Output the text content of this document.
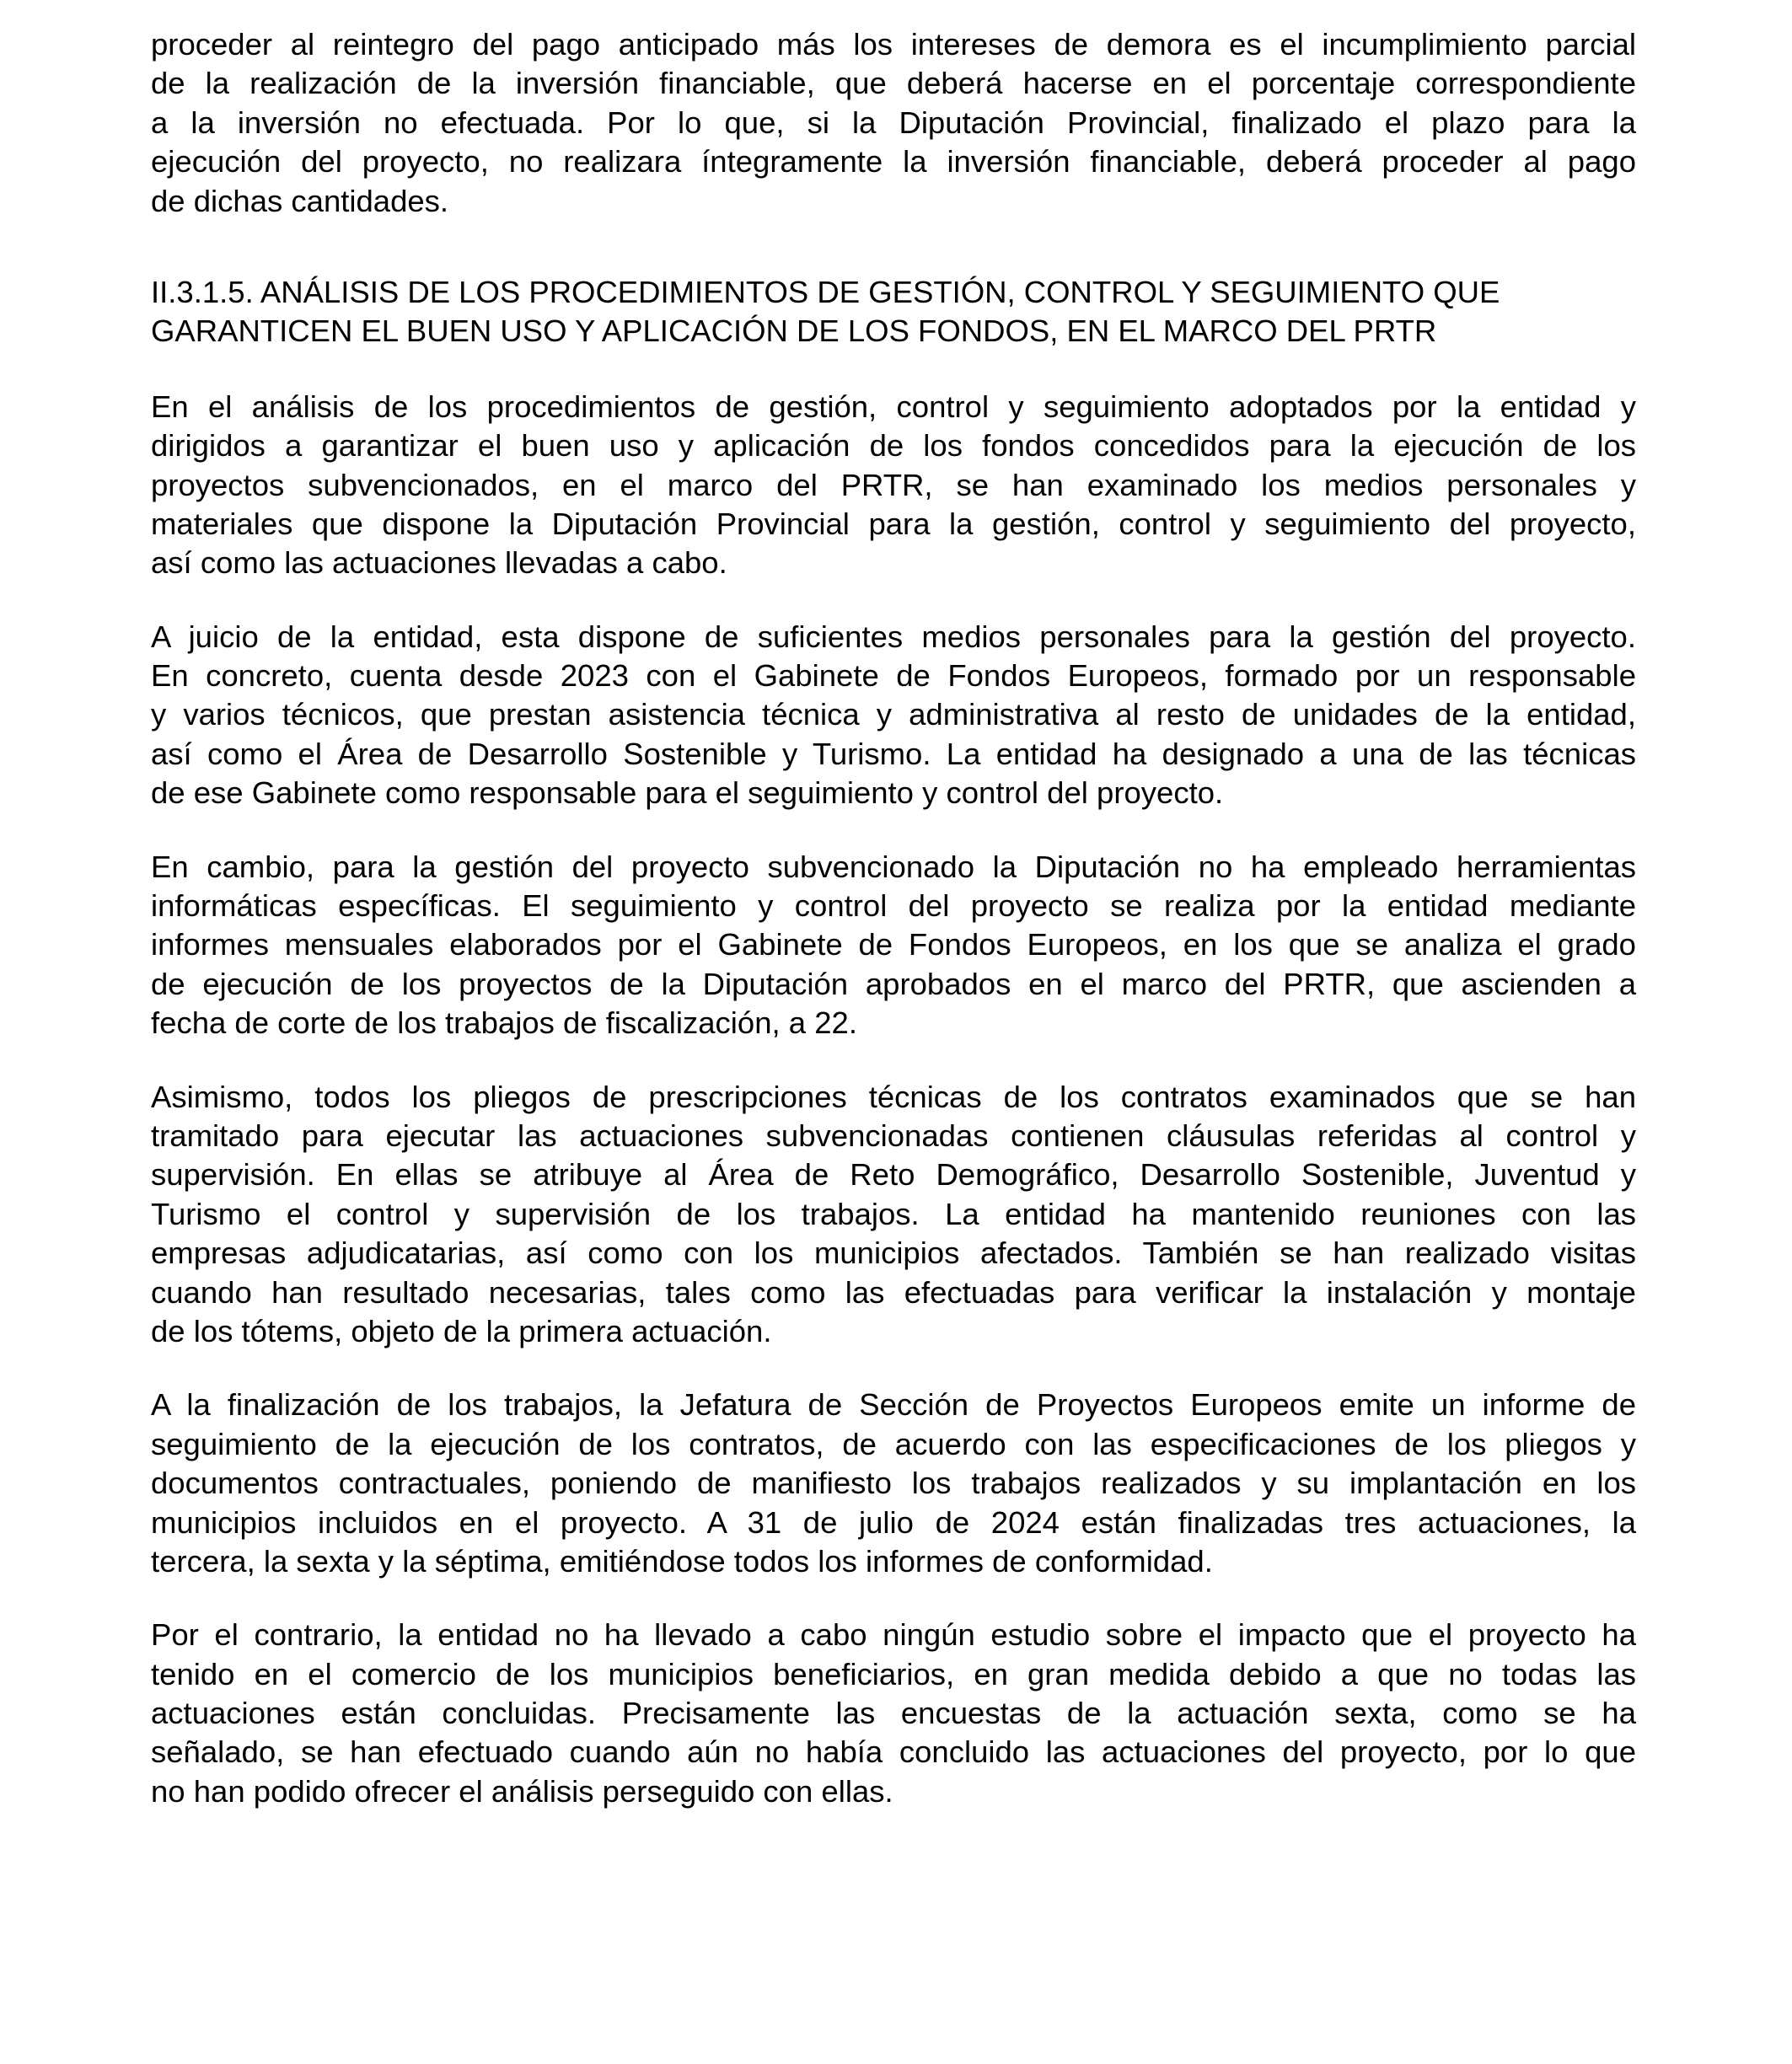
proceder al reintegro del pago anticipado más los intereses de demora es el incumplimiento parcial
de la realización de la inversión financiable, que deberá hacerse en el porcentaje correspondiente
a la inversión no efectuada. Por lo que, si la Diputación Provincial, finalizado el plazo para la
ejecución del proyecto, no realizara íntegramente la inversión financiable, deberá proceder al pago
de dichas cantidades.
II.3.1.5. ANÁLISIS DE LOS PROCEDIMIENTOS DE GESTIÓN, CONTROL Y SEGUIMIENTO QUE
GARANTICEN EL BUEN USO Y APLICACIÓN DE LOS FONDOS, EN EL MARCO DEL PRTR
En el análisis de los procedimientos de gestión, control y seguimiento adoptados por la entidad y
dirigidos a garantizar el buen uso y aplicación de los fondos concedidos para la ejecución de los
proyectos subvencionados, en el marco del PRTR, se han examinado los medios personales y
materiales que dispone la Diputación Provincial para la gestión, control y seguimiento del proyecto,
así como las actuaciones llevadas a cabo.
A juicio de la entidad, esta dispone de suficientes medios personales para la gestión del proyecto.
En concreto, cuenta desde 2023 con el Gabinete de Fondos Europeos, formado por un responsable
y varios técnicos, que prestan asistencia técnica y administrativa al resto de unidades de la entidad,
así como el Área de Desarrollo Sostenible y Turismo. La entidad ha designado a una de las técnicas
de ese Gabinete como responsable para el seguimiento y control del proyecto.
En cambio, para la gestión del proyecto subvencionado la Diputación no ha empleado herramientas
informáticas específicas. El seguimiento y control del proyecto se realiza por la entidad mediante
informes mensuales elaborados por el Gabinete de Fondos Europeos, en los que se analiza el grado
de ejecución de los proyectos de la Diputación aprobados en el marco del PRTR, que ascienden a
fecha de corte de los trabajos de fiscalización, a 22.
Asimismo, todos los pliegos de prescripciones técnicas de los contratos examinados que se han
tramitado para ejecutar las actuaciones subvencionadas contienen cláusulas referidas al control y
supervisión. En ellas se atribuye al Área de Reto Demográfico, Desarrollo Sostenible, Juventud y
Turismo el control y supervisión de los trabajos. La entidad ha mantenido reuniones con las
empresas adjudicatarias, así como con los municipios afectados. También se han realizado visitas
cuando han resultado necesarias, tales como las efectuadas para verificar la instalación y montaje
de los tótems, objeto de la primera actuación.
A la finalización de los trabajos, la Jefatura de Sección de Proyectos Europeos emite un informe de
seguimiento de la ejecución de los contratos, de acuerdo con las especificaciones de los pliegos y
documentos contractuales, poniendo de manifiesto los trabajos realizados y su implantación en los
municipios incluidos en el proyecto. A 31 de julio de 2024 están finalizadas tres actuaciones, la
tercera, la sexta y la séptima, emitiéndose todos los informes de conformidad.
Por el contrario, la entidad no ha llevado a cabo ningún estudio sobre el impacto que el proyecto ha
tenido en el comercio de los municipios beneficiarios, en gran medida debido a que no todas las
actuaciones están concluidas. Precisamente las encuestas de la actuación sexta, como se ha
señalado, se han efectuado cuando aún no había concluido las actuaciones del proyecto, por lo que
no han podido ofrecer el análisis perseguido con ellas.
